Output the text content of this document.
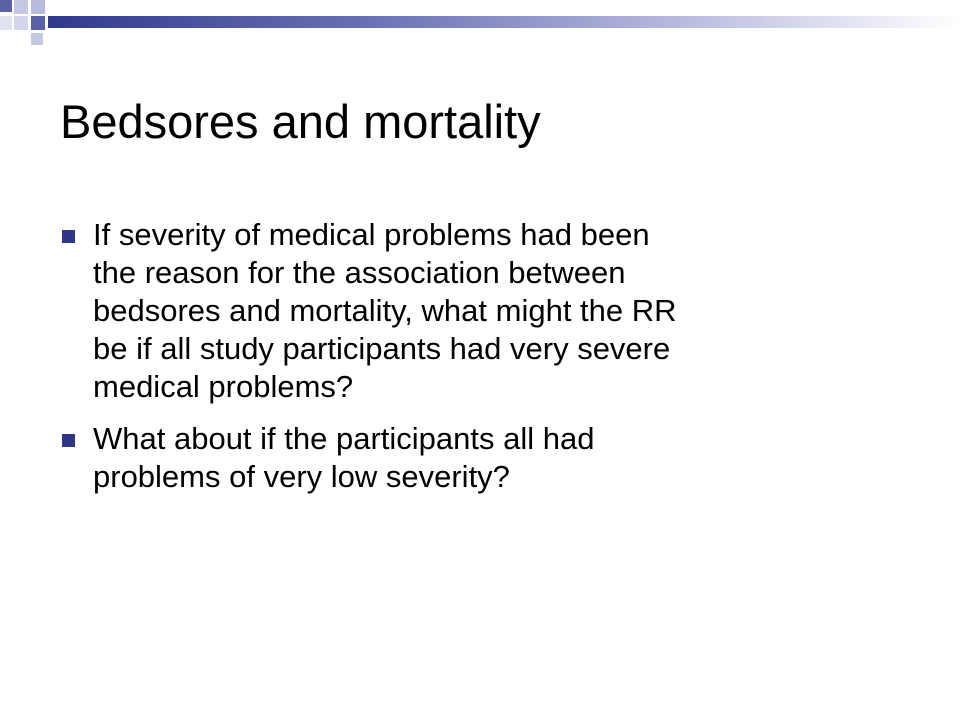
Bedsores and mortality
If severity of medical problems had been
the reason for the association between
bedsores and mortality, what might the RR
be if all study participants had very severe
medical problems?
What about if the participants all had
problems of very low severity?
